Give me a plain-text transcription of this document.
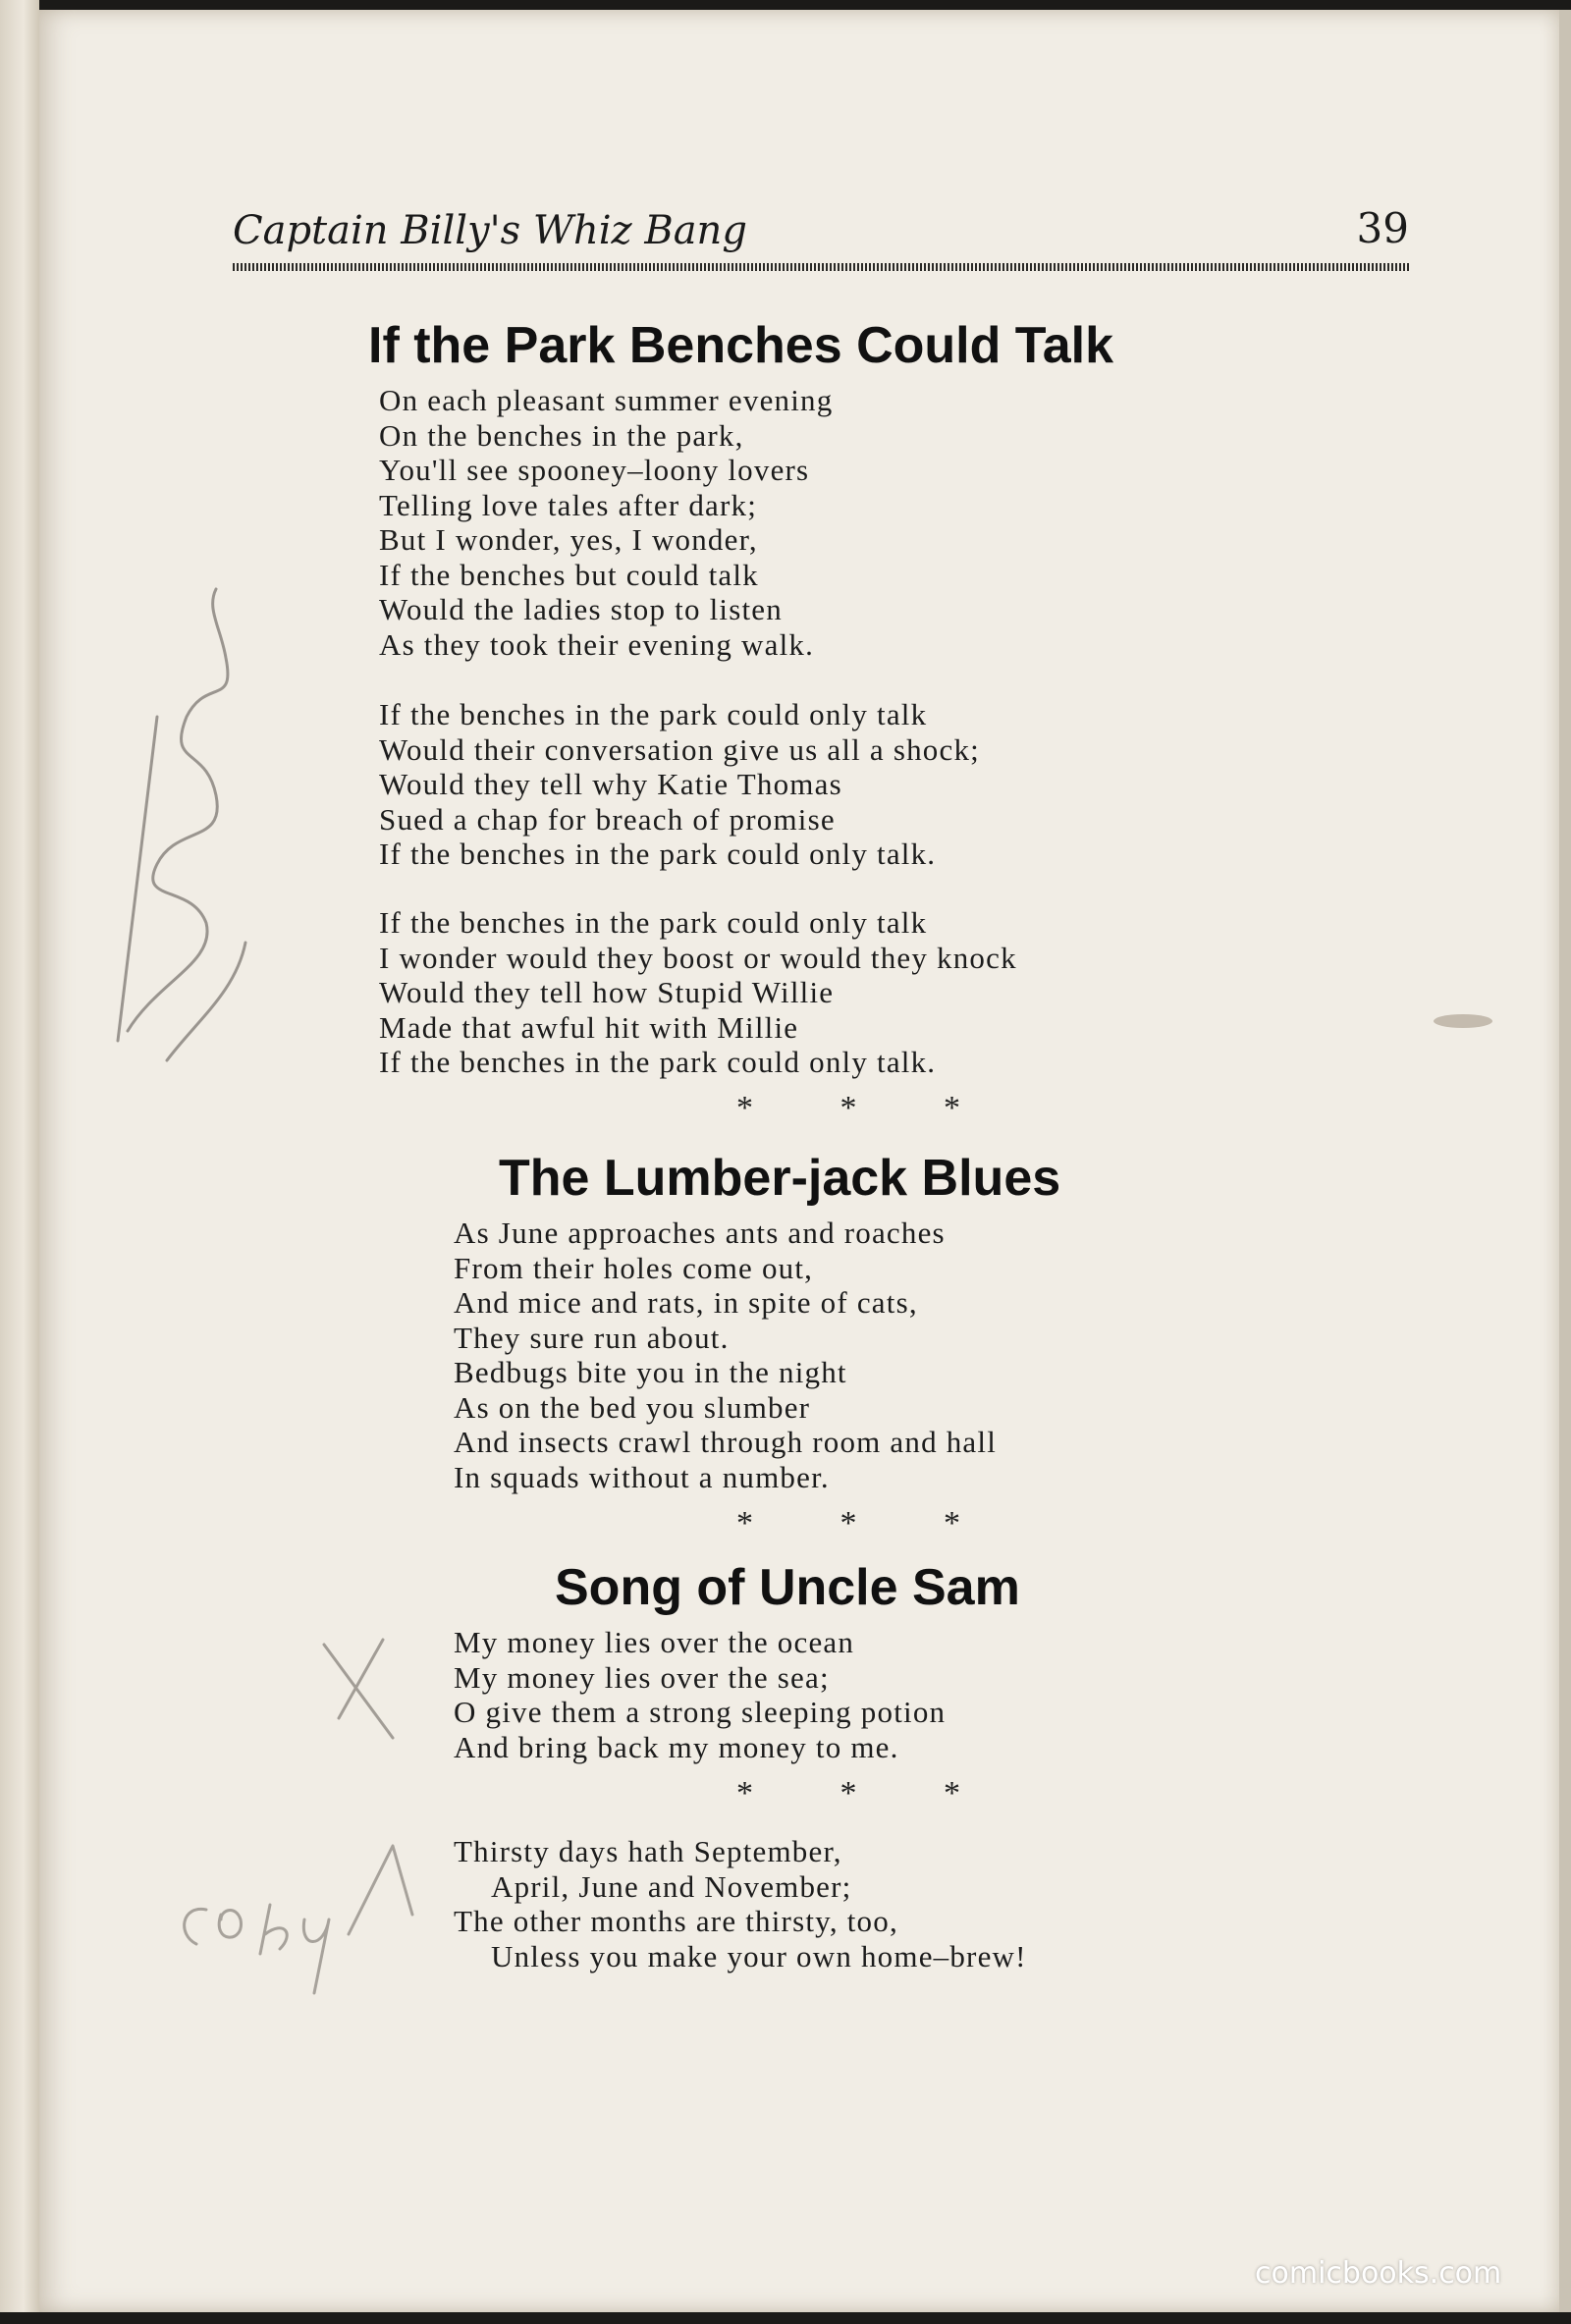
Captain Billy's Whiz Bang	39
If the Park Benches Could Talk
On each pleasant summer evening
On the benches in the park,
You'll see spooney–loony lovers
Telling love tales after dark;
But I wonder, yes, I wonder,
If the benches but could talk
Would the ladies stop to listen
As they took their evening walk.
If the benches in the park could only talk
Would their conversation give us all a shock;
Would they tell why Katie Thomas
Sued a chap for breach of promise
If the benches in the park could only talk.
If the benches in the park could only talk
I wonder would they boost or would they knock
Would they tell how Stupid Willie
Made that awful hit with Millie
If the benches in the park could only talk.
* * *
The Lumber-jack Blues
As June approaches ants and roaches
From their holes come out,
And mice and rats, in spite of cats,
They sure run about.
Bedbugs bite you in the night
As on the bed you slumber
And insects crawl through room and hall
In squads without a number.
* * *
Song of Uncle Sam
My money lies over the ocean
My money lies over the sea;
O give them a strong sleeping potion
And bring back my money to me.
* * *
Thirsty days hath September,
April, June and November;
The other months are thirsty, too,
Unless you make your own home–brew!
comicbooks.com
